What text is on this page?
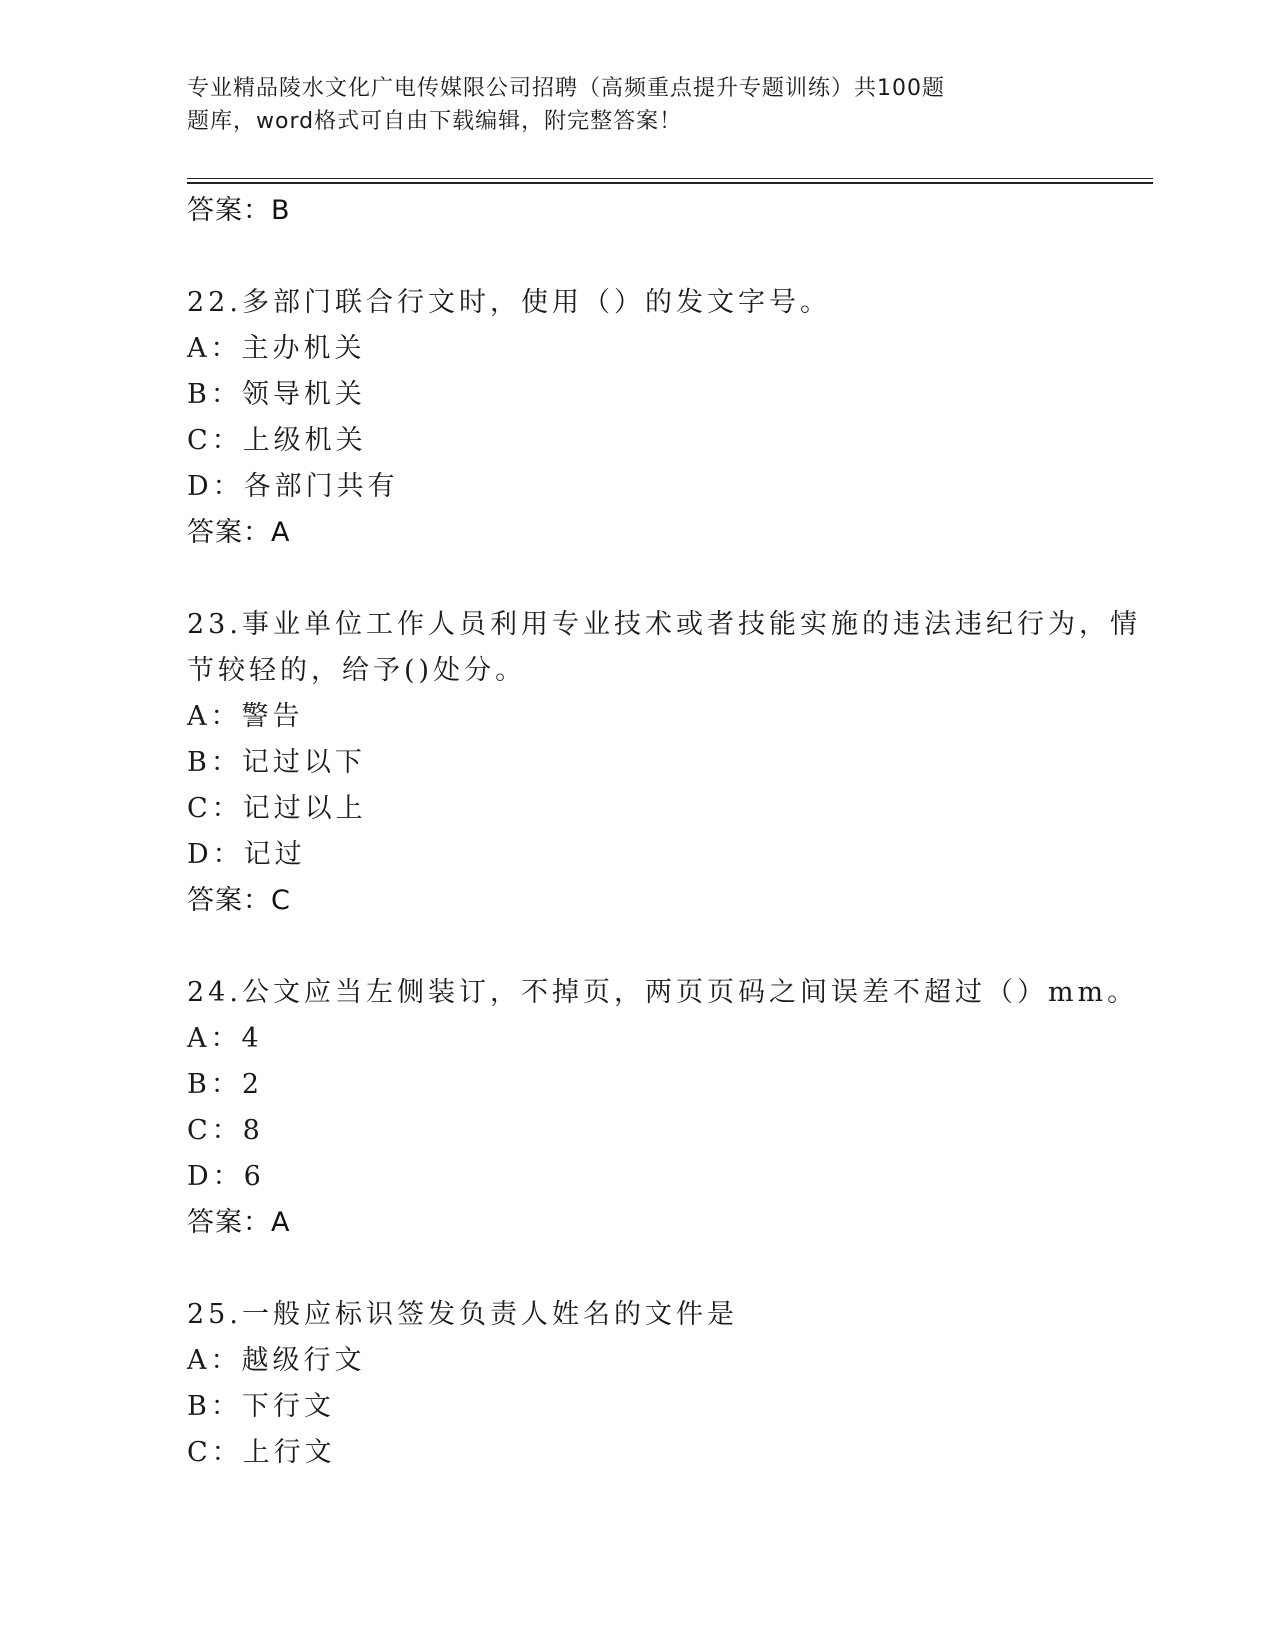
专业精品陵水文化广电传媒限公司招聘（高频重点提升专题训练）共100题
题库，word格式可自由下载编辑，附完整答案！
答案：B
22.多部门联合行文时，使用（）的发文字号。
A：主办机关
B：领导机关
C：上级机关
D：各部门共有
答案：A
23.事业单位工作人员利用专业技术或者技能实施的违法违纪行为，情
节较轻的，给予()处分。
A：警告
B：记过以下
C：记过以上
D：记过
答案：C
24.公文应当左侧装订，不掉页，两页页码之间误差不超过（）mm。
A：4
B：2
C：8
D：6
答案：A
25.一般应标识签发负责人姓名的文件是
A：越级行文
B：下行文
C：上行文
